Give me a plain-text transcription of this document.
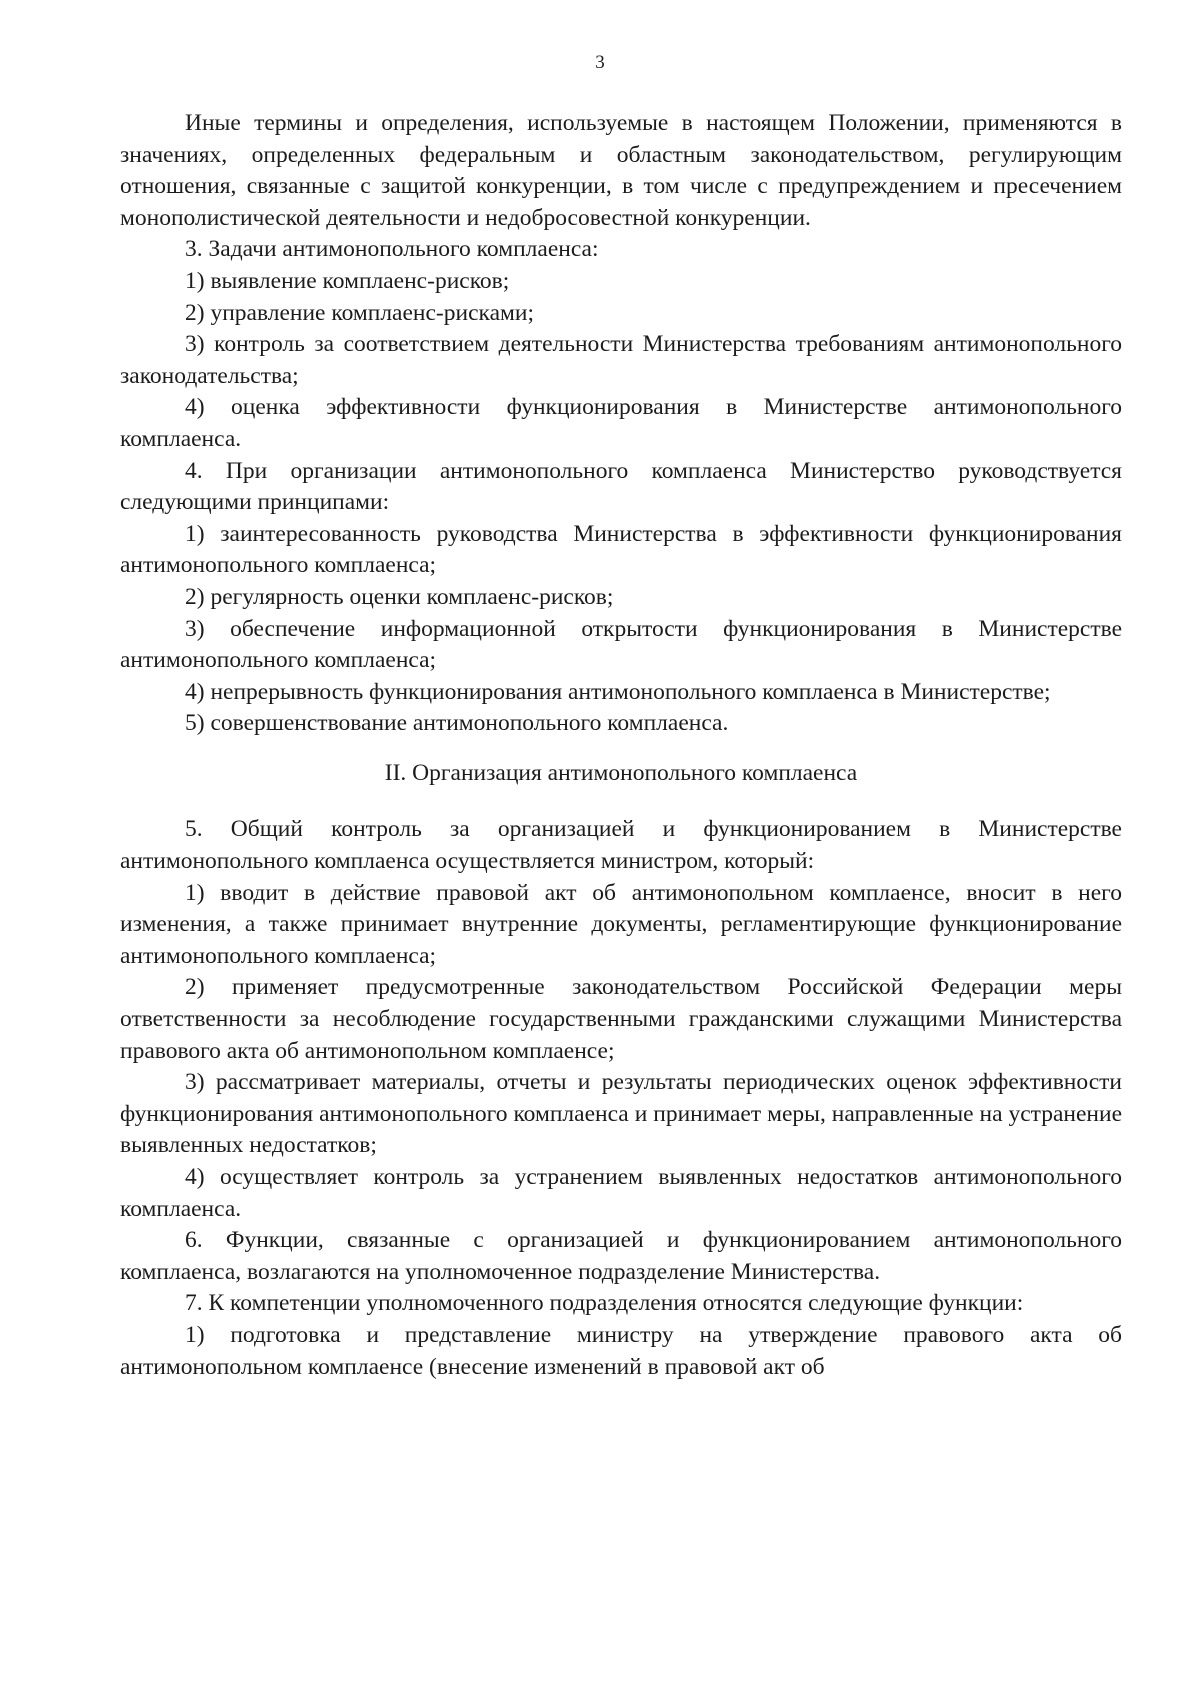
3

Иные термины и определения, используемые в настоящем Положении, применяются в значениях, определенных федеральным и областным законодательством, регулирующим отношения, связанные с защитой конкуренции, в том числе с предупреждением и пресечением монополистической деятельности и недобросовестной конкуренции.

3. Задачи антимонопольного комплаенса:

1) выявление комплаенс-рисков;

2) управление комплаенс-рисками;

3) контроль за соответствием деятельности Министерства требованиям антимонопольного законодательства;

4) оценка эффективности функционирования в Министерстве антимонопольного комплаенса.

4. При организации антимонопольного комплаенса Министерство руководствуется следующими принципами:

1) заинтересованность руководства Министерства в эффективности функционирования антимонопольного комплаенса;

2) регулярность оценки комплаенс-рисков;

3) обеспечение информационной открытости функционирования в Министерстве антимонопольного комплаенса;

4) непрерывность функционирования антимонопольного комплаенса в Министерстве;

5) совершенствование антимонопольного комплаенса.

II. Организация антимонопольного комплаенса

5. Общий контроль за организацией и функционированием в Министерстве антимонопольного комплаенса осуществляется министром, который:

1) вводит в действие правовой акт об антимонопольном комплаенсе, вносит в него изменения, а также принимает внутренние документы, регламентирующие функционирование антимонопольного комплаенса;

2) применяет предусмотренные законодательством Российской Федерации меры ответственности за несоблюдение государственными гражданскими служащими Министерства правового акта об антимонопольном комплаенсе;

3) рассматривает материалы, отчеты и результаты периодических оценок эффективности функционирования антимонопольного комплаенса и принимает меры, направленные на устранение выявленных недостатков;

4) осуществляет контроль за устранением выявленных недостатков антимонопольного комплаенса.

6. Функции, связанные с организацией и функционированием антимонопольного комплаенса, возлагаются на уполномоченное подразделение Министерства.

7. К компетенции уполномоченного подразделения относятся следующие функции:

1) подготовка и представление министру на утверждение правового акта об антимонопольном комплаенсе (внесение изменений в правовой акт об
